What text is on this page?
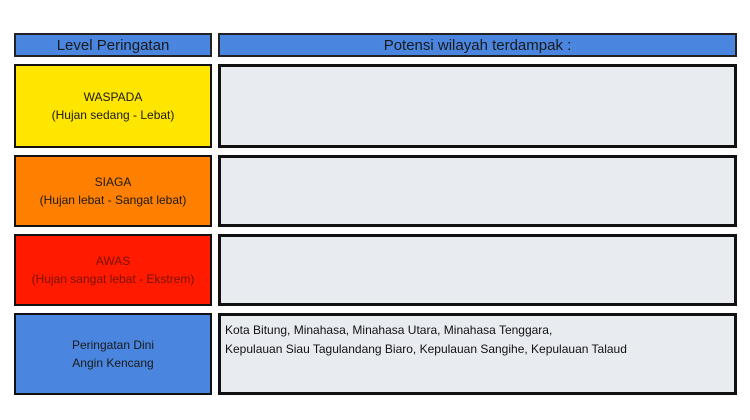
Level Peringatan	Potensi wilayah terdampak :
WASPADA
(Hujan sedang - Lebat)
SIAGA
(Hujan lebat - Sangat lebat)
AWAS
(Hujan sangat lebat - Ekstrem)
Peringatan Dini
Angin Kencang
Kota Bitung, Minahasa, Minahasa Utara, Minahasa Tenggara,
Kepulauan Siau Tagulandang Biaro, Kepulauan Sangihe, Kepulauan Talaud
